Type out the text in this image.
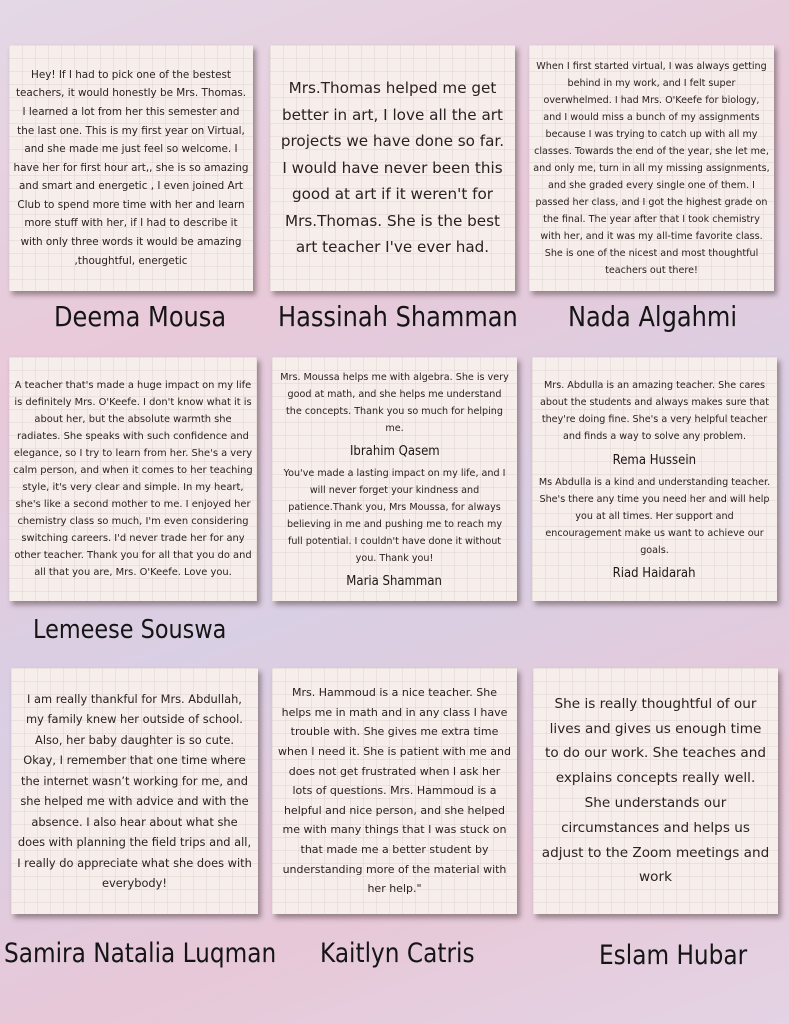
Hey! If I had to pick one of the bestest teachers, it would honestly be Mrs. Thomas. I learned a lot from her this semester and the last one. This is my first year on Virtual, and she made me just feel so welcome. I have her for first hour art,, she is so amazing and smart and energetic , I even joined Art Club to spend more time with her and learn more stuff with her, if I had to describe it with only three words it would be amazing ,thoughtful, energetic

Mrs.Thomas helped me get better in art, I love all the art projects we have done so far. I would have never been this good at art if it weren't for Mrs.Thomas. She is the best art teacher I've ever had.

When I first started virtual, I was always getting behind in my work, and I felt super overwhelmed. I had Mrs. O'Keefe for biology, and I would miss a bunch of my assignments because I was trying to catch up with all my classes. Towards the end of the year, she let me, and only me, turn in all my missing assignments, and she graded every single one of them. I passed her class, and I got the highest grade on the final. The year after that I took chemistry with her, and it was my all-time favorite class. She is one of the nicest and most thoughtful teachers out there!

Deema Mousa Hassinah Shamman Nada Algahmi

A teacher that's made a huge impact on my life is definitely Mrs. O'Keefe. I don't know what it is about her, but the absolute warmth she radiates. She speaks with such confidence and elegance, so I try to learn from her. She's a very calm person, and when it comes to her teaching style, it's very clear and simple. In my heart, she's like a second mother to me. I enjoyed her chemistry class so much, I'm even considering switching careers. I'd never trade her for any other teacher. Thank you for all that you do and all that you are, Mrs. O'Keefe. Love you.

Mrs. Moussa helps me with algebra. She is very good at math, and she helps me understand the concepts. Thank you so much for helping me.

Ibrahim Qasem

You've made a lasting impact on my life, and I will never forget your kindness and patience.Thank you, Mrs Moussa, for always believing in me and pushing me to reach my full potential. I couldn't have done it without you. Thank you!

Maria Shamman

Mrs. Abdulla is an amazing teacher. She cares about the students and always makes sure that they're doing fine. She's a very helpful teacher and finds a way to solve any problem.

Rema Hussein

Ms Abdulla is a kind and understanding teacher. She's there any time you need her and will help you at all times. Her support and encouragement make us want to achieve our goals.

Riad Haidarah

Lemeese Souswa

I am really thankful for Mrs. Abdullah, my family knew her outside of school. Also, her baby daughter is so cute. Okay, I remember that one time where the internet wasn’t working for me, and she helped me with advice and with the absence. I also hear about what she does with planning the field trips and all, I really do appreciate what she does with everybody!

Mrs. Hammoud is a nice teacher. She helps me in math and in any class I have trouble with. She gives me extra time when I need it. She is patient with me and does not get frustrated when I ask her lots of questions. Mrs. Hammoud is a helpful and nice person, and she helped me with many things that I was stuck on that made me a better student by understanding more of the material with her help."

She is really thoughtful of our lives and gives us enough time to do our work. She teaches and explains concepts really well. She understands our circumstances and helps us adjust to the Zoom meetings and work

Samira Natalia Luqman Kaitlyn Catris	Eslam Hubar
